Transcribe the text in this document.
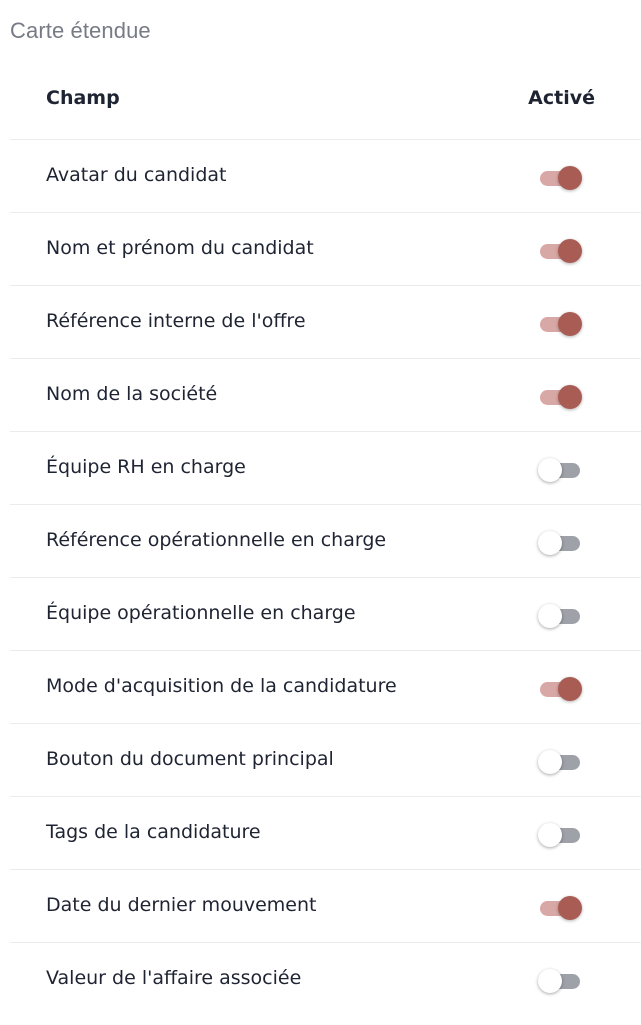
Carte étendue
Champ	Activé
Avatar du candidat
Nom et prénom du candidat
Référence interne de l'offre
Nom de la société
Équipe RH en charge
Référence opérationnelle en charge
Équipe opérationnelle en charge
Mode d'acquisition de la candidature
Bouton du document principal
Tags de la candidature
Date du dernier mouvement
Valeur de l'affaire associée
